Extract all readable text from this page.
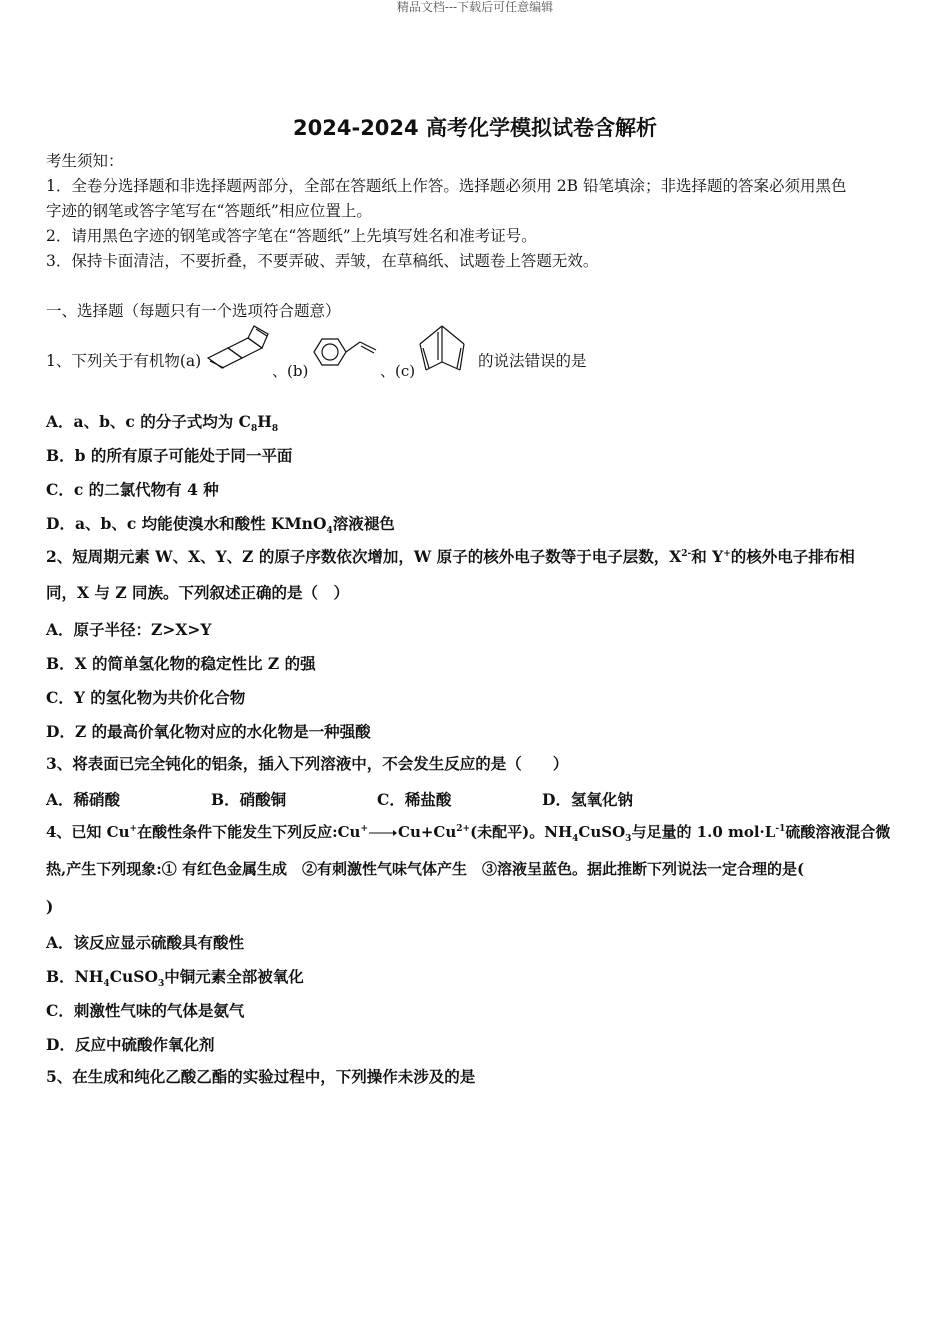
精品文档---下载后可任意编辑
2024-2024 高考化学模拟试卷含解析
考生须知：
1．全卷分选择题和非选择题两部分，全部在答题纸上作答。选择题必须用 2B 铅笔填涂；非选择题的答案必须用黑色
字迹的钢笔或答字笔写在“答题纸”相应位置上。
2．请用黑色字迹的钢笔或答字笔在“答题纸”上先填写姓名和准考证号。
3．保持卡面清洁，不要折叠，不要弄破、弄皱，在草稿纸、试题卷上答题无效。
一、选择题（每题只有一个选项符合题意）
1、下列关于有机物(a)
、(b)	、(c)
的说法错误的是
A．a、b、c 的分子式均为 $C_8H_8$
B．b 的所有原子可能处于同一平面
C．c 的二氯代物有 4 种
D．a、b、c 均能使溴水和酸性 KMnO$_4$溶液褪色
2、短周期元素 W、X、Y、Z 的原子序数依次增加，W 原子的核外电子数等于电子层数，$X^{2-}$和 Y+的核外电子排布相
同，X 与 Z 同族。下列叙述正确的是（　）
A．原子半径：Z>X>Y
B．X 的简单氢化物的稳定性比 Z 的强
C．Y 的氢化物为共价化合物
D．Z 的最高价氧化物对应的水化物是一种强酸
3、将表面已完全钝化的铝条，插入下列溶液中，不会发生反应的是（　　）
A．稀硝酸	B．硝酸铜	C．稀盐酸	D．氢氧化钠
4、已知 Cu+在酸性条件下能发生下列反应$:Cu^+\to Cu+Cu^{2+}$(未配平)。$NH_4CuSO_3$与足量的 1.0 $mol\cdot L^{-1}$硫酸溶液混合微
热,产生下列现象:① 有红色金属生成　②有刺激性气味气体产生　③溶液呈蓝色。据此推断下列说法一定合理的是(
)
A．该反应显示硫酸具有酸性
B．$NH_4CuSO_3$中铜元素全部被氧化
C．刺激性气味的气体是氨气
D．反应中硫酸作氧化剂
5、在生成和纯化乙酸乙酯的实验过程中，下列操作未涉及的是
